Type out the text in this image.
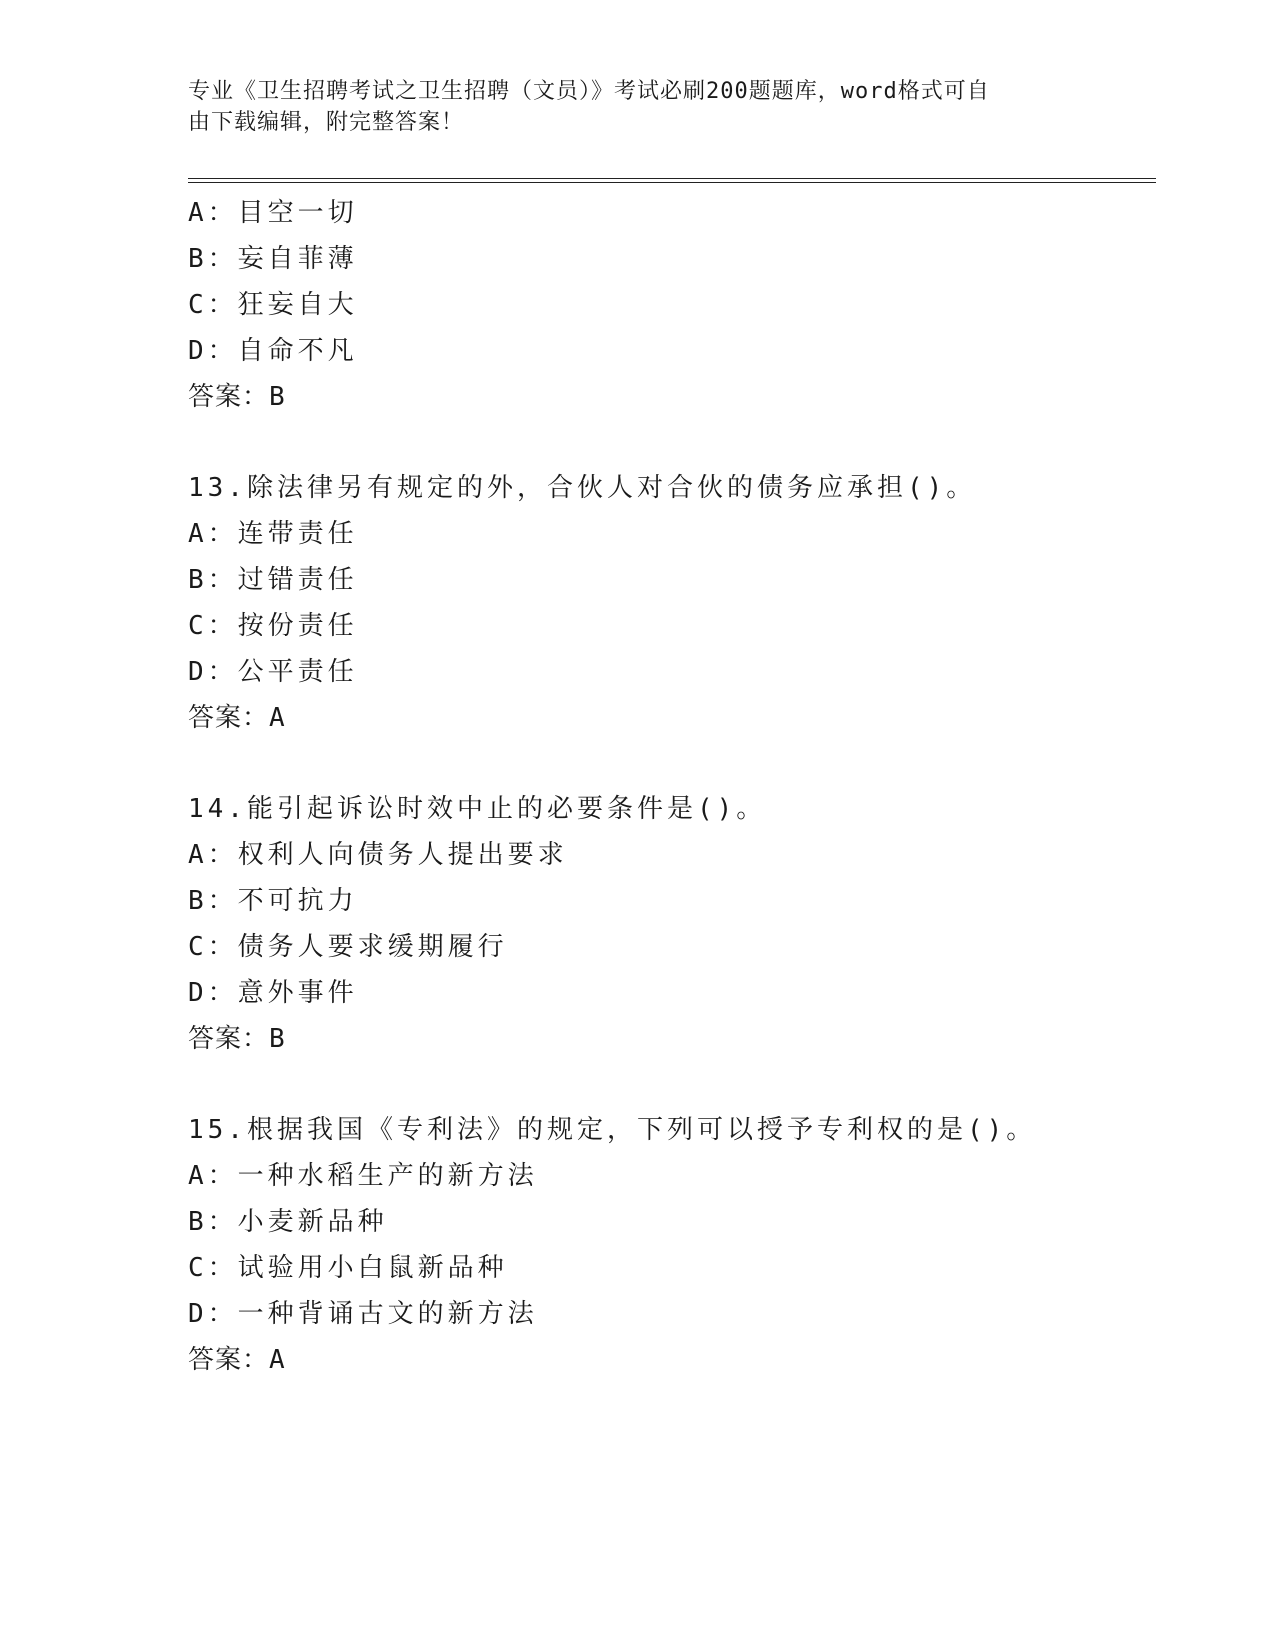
专业《卫生招聘考试之卫生招聘（文员）》考试必刷200题题库，word格式可自
由下载编辑，附完整答案！
A：目空一切
B：妄自菲薄
C：狂妄自大
D：自命不凡
答案：B
13.除法律另有规定的外，合伙人对合伙的债务应承担()。
A：连带责任
B：过错责任
C：按份责任
D：公平责任
答案：A
14.能引起诉讼时效中止的必要条件是()。
A：权利人向债务人提出要求
B：不可抗力
C：债务人要求缓期履行
D：意外事件
答案：B
15.根据我国《专利法》的规定，下列可以授予专利权的是()。
A：一种水稻生产的新方法
B：小麦新品种
C：试验用小白鼠新品种
D：一种背诵古文的新方法
答案：A
